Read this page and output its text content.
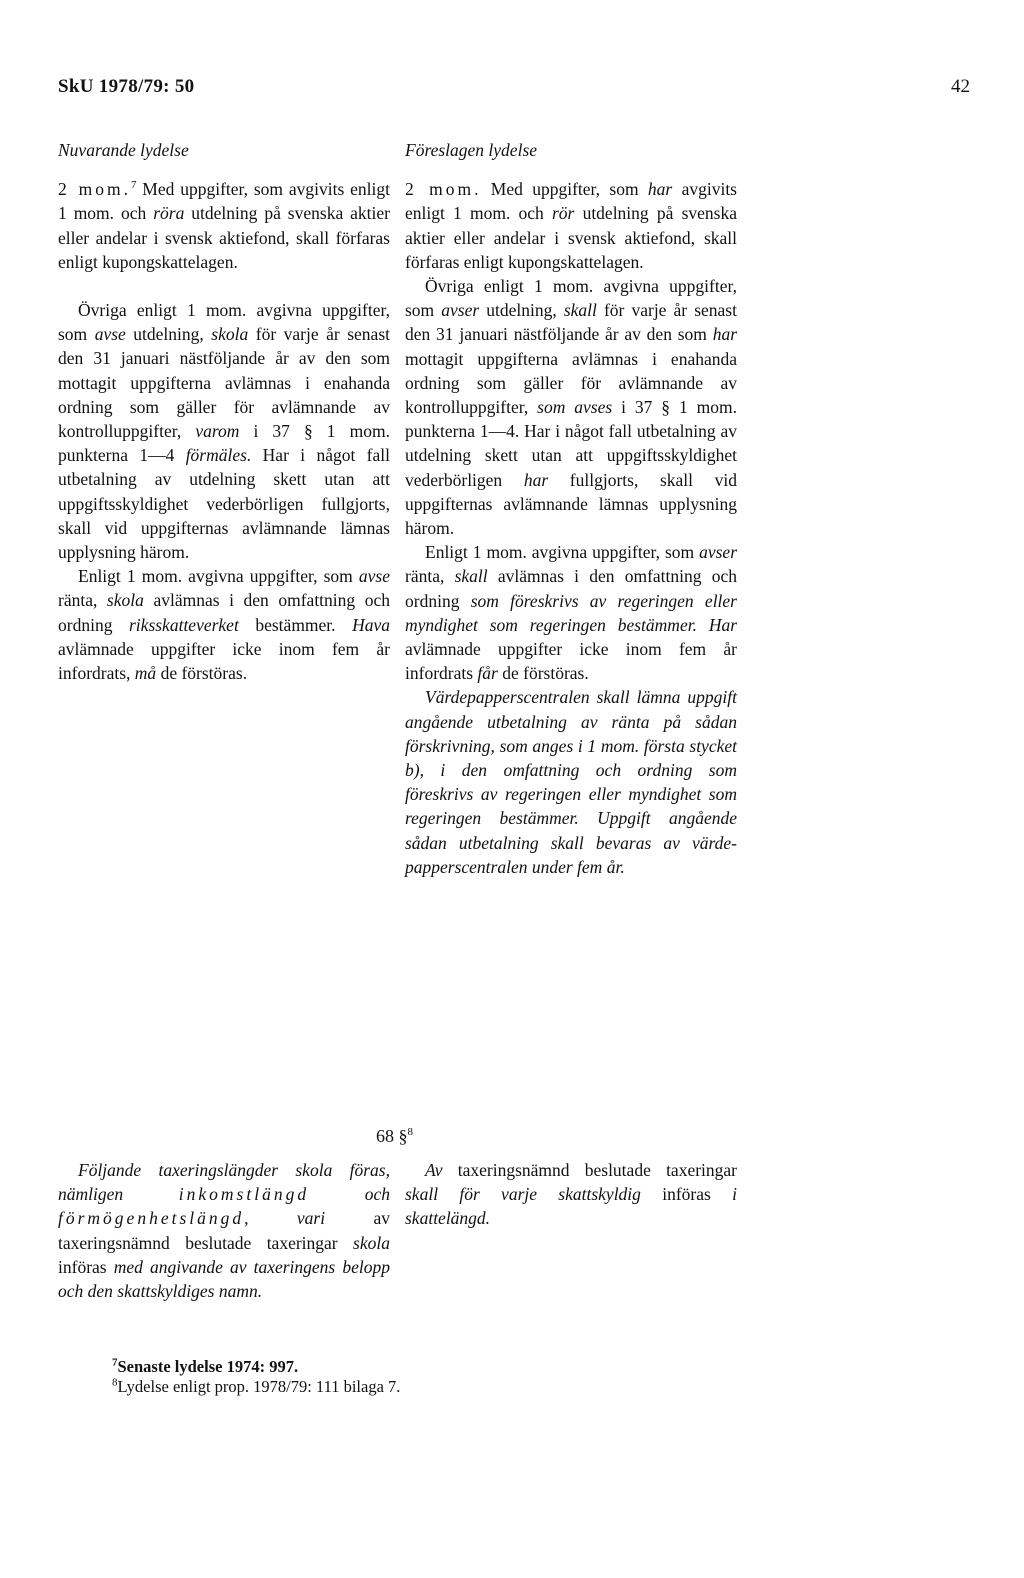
SkU 1978/79: 50	42
Nuvarande lydelse

2 mom.$^7$ Med uppgifter, som avgivits enligt 1 mom. och röra utdelning på svenska aktier eller andelar i svensk aktiefond, skall förfaras enligt kupongskattelagen.

Övriga enligt 1 mom. avgivna uppgifter, som avse utdelning, skola för varje år senast den 31 januari nästföljande år av den som mottagit uppgifterna avlämnas i enahanda ordning som gäller för avlämnande av kontrolluppgifter, varom i 37 § 1 mom. punkterna 1—4 förmäles. Har i något fall utbetalning av utdelning skett utan att uppgiftsskyldighet vederbörligen fullgjorts, skall vid uppgifternas avlämnande lämnas upplysning härom.

Enligt 1 mom. avgivna uppgifter, som avse ränta, skola avlämnas i den omfattning och ordning riksskatteverket bestämmer. Hava avlämnade uppgifter icke inom fem år infordrats, må de förstöras.

Föreslagen lydelse

2 mom. Med uppgifter, som har avgivits enligt 1 mom. och rör utdelning på svenska aktier eller andelar i svensk aktiefond, skall förfaras enligt kupongskattelagen.

Övriga enligt 1 mom. avgivna uppgifter, som avser utdelning, skall för varje år senast den 31 januari nästföljande år av den som har mottagit uppgifterna avlämnas i enahanda ordning som gäller för avlämnande av kontrolluppgifter, som avses i 37 § 1 mom. punkterna 1—4. Har i något fall utbetalning av utdelning skett utan att uppgiftsskyldighet vederbörligen har fullgjorts, skall vid uppgifternas avlämnande lämnas upplysning härom.

Enligt 1 mom. avgivna uppgifter, som avser ränta, skall avlämnas i den omfattning och ordning som föreskrivs av regeringen eller myndighet som regeringen bestämmer. Har avlämnade uppgifter icke inom fem år infordrats får de förstöras.

Värdepapperscentralen skall lämna uppgift angående utbetalning av ränta på sådan förskrivning, som anges i 1 mom. första stycket b), i den omfattning och ordning som föreskrivs av regeringen eller myndighet som regeringen bestämmer. Uppgift angående sådan utbetalning skall bevaras av värdepapperscentralen under fem år.

68 §$^8$

Följande taxeringslängder skola föras, nämligen inkomstlängd och förmögenhetslängd, vari av taxeringsnämnd beslutade taxeringar skola införas med angivande av taxeringens belopp och den skattskyldiges namn.

Av taxeringsnämnd beslutade taxeringar skall för varje skattskyldig införas i skattelängd.

$^7$Senaste lydelse 1974: 997.
$^8$Lydelse enligt prop. 1978/79: 111 bilaga 7.
